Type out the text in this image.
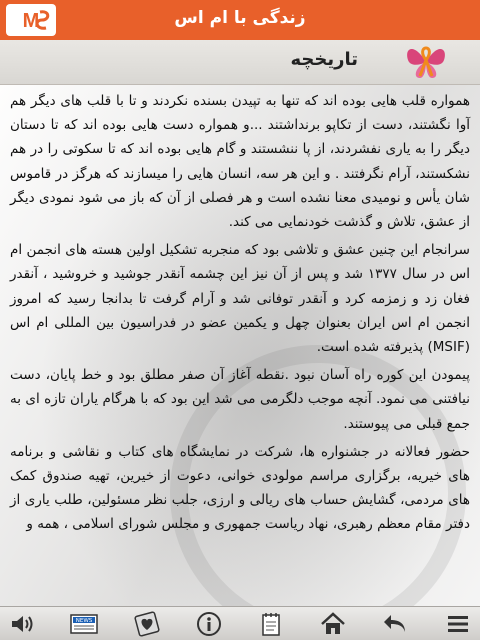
M	زندگی با ام اس
تاریخچه

همواره قلب هایی بوده اند که تنها به تپیدن بسنده نکردند و تا با قلب های دیگر هم آوا نگشتند، دست از تکاپو برنداشتند ...و همواره دست هایی بوده اند که تا دستان دیگر را به یاری نفشردند، از پا ننشستند و گام هایی بوده اند که تا سکوتی را در هم نشکستند، آرام نگرفتند . و این هر سه، انسان هایی را میسازند که هرگز در قاموس شان یأس و نومیدی معنا نشده است و هر فصلی از آن که باز می شود نمودی دیگر از عشق، تلاش و گذشت خودنمایی می کند.

سرانجام این چنین عشق و تلاشی بود که منجربه تشکیل اولین هسته های انجمن ام اس در سال ۱۳۷۷ شد و پس از آن نیز این چشمه آنقدر جوشید و خروشید ، آنقدر فغان زد و زمزمه کرد و آنقدر توفانی شد و آرام گرفت تا بدانجا رسید که امروز انجمن ام اس ایران بعنوان چهل و یکمین عضو در فدراسیون بین المللی ام اس (MSIF) پذیرفته شده است.

پیمودن این کوره راه آسان نبود .نقطه آغاز آن صفر مطلق بود و خط پایان، دست نیافتنی می نمود. آنچه موجب دلگرمی می شد این بود که با هرگام یاران تازه ای به جمع قبلی می پیوستند.

حضور فعالانه در جشنواره ها، شرکت در نمایشگاه های کتاب و نقاشی و برنامه های خیریه، برگزاری مراسم مولودی خوانی، دعوت از خیرین، تهیه صندوق کمک های مردمی، گشایش حساب های ریالی و ارزی، جلب نظر مسئولین، طلب یاری از دفتر مقام معظم رهبری، نهاد ریاست جمهوری و مجلس شورای اسلامی ، همه و

NEWS
